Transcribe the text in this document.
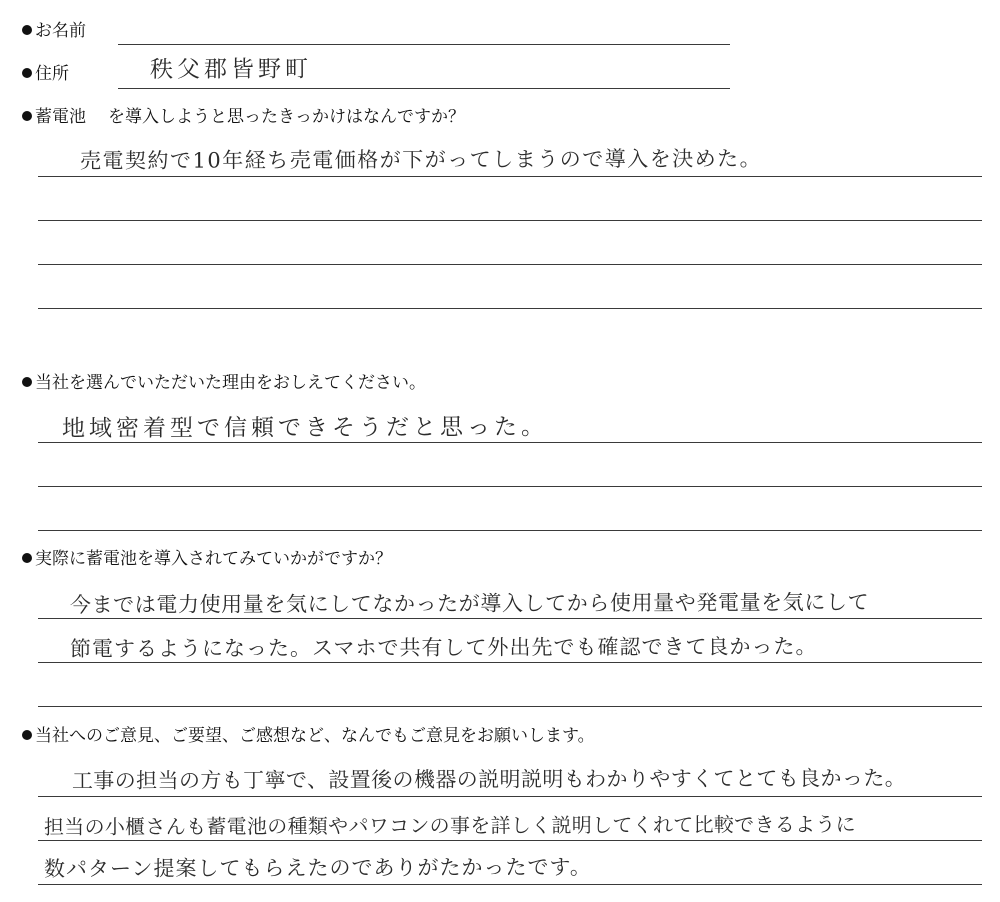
お名前
住所	秩父郡皆野町
蓄電池 を導入しようと思ったきっかけはなんですか？
売電契約で10年経ち売電価格が下がってしまうので導入を決めた。
当社を選んでいただいた理由をおしえてください。
地域密着型で信頼できそうだと思った。
実際に蓄電池を導入されてみていかがですか？
今までは電力使用量を気にしてなかったが導入してから使用量や発電量を気にして
節電するようになった。スマホで共有して外出先でも確認できて良かった。
当社へのご意見、ご要望、ご感想など、なんでもご意見をお願いします。
工事の担当の方も丁寧で、設置後の機器の説明説明もわかりやすくてとても良かった。
担当の小櫃さんも蓄電池の種類やパワコンの事を詳しく説明してくれて比較できるように
数パターン提案してもらえたのでありがたかったです。
